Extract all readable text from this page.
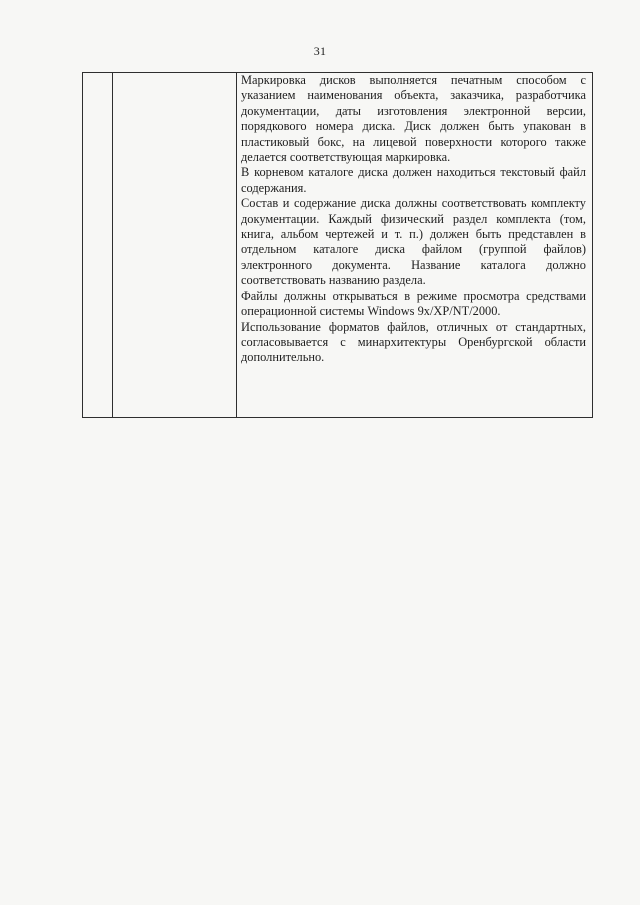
31

Маркировка дисков выполняется печатным способом с указанием наименования объекта, заказчика, разработчика документации, даты изготовления электронной версии, порядкового номера диска. Диск должен быть упакован в пластиковый бокс, на лицевой поверхности которого также делается соответствующая маркировка.

В корневом каталоге диска должен находиться текстовый файл содержания.

Состав и содержание диска должны соответствовать комплекту документации. Каждый физический раздел комплекта (том, книга, альбом чертежей и т. п.) должен быть представлен в отдельном каталоге диска файлом (группой файлов) электронного документа. Название каталога должно соответствовать названию раздела.

Файлы должны открываться в режиме просмотра средствами операционной системы Windows 9x/XP/NT/2000.

Использование форматов файлов, отличных от стандартных, согласовывается с минархитектуры Оренбургской области дополнительно.
